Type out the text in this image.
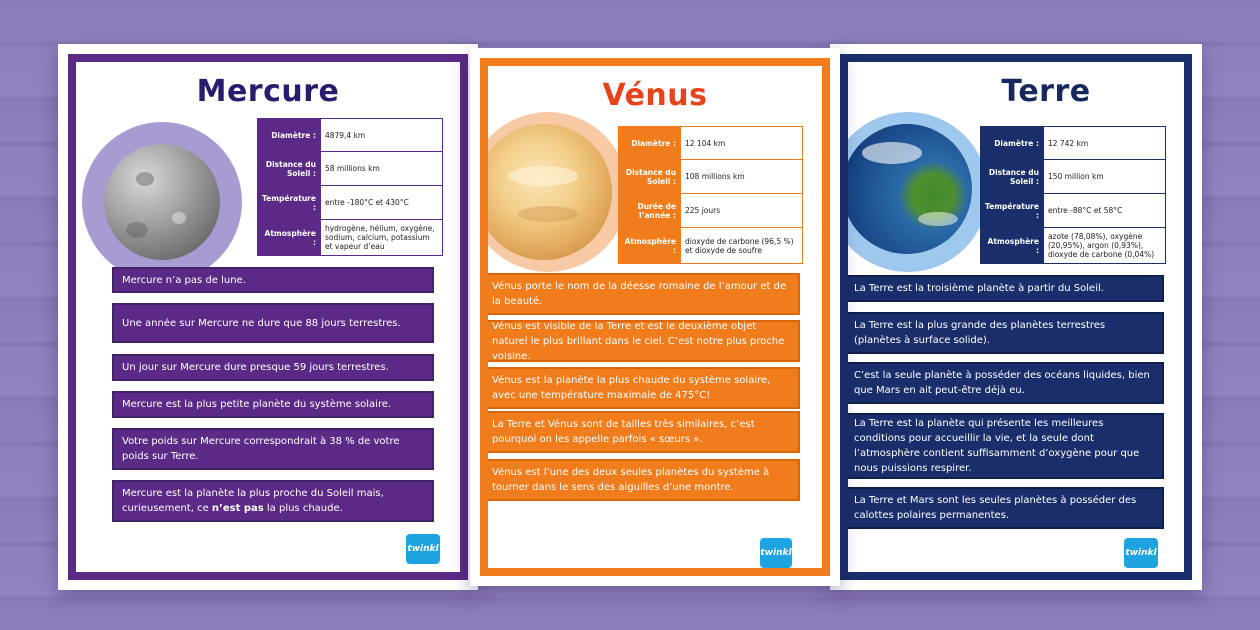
Mercure
Diamètre :	4879,4 km
Distance du Soleil :	58 millions km
Température :	entre -180°C et 430°C
Atmosphère :	hydrogène, hélium, oxygène, sodium, calcium, potassium et vapeur d’eau
Mercure n’a pas de lune.
Une année sur Mercure ne dure que 88 jours terrestres.
Un jour sur Mercure dure presque 59 jours terrestres.
Mercure est la plus petite planète du système solaire.
Votre poids sur Mercure correspondrait à 38 % de votre poids sur Terre.
Mercure est la planète la plus proche du Soleil mais, curieusement, ce n’est pas la plus chaude.
twinkl
Terre
Diamètre :	12 742 km
Distance du Soleil :	150 million km
Température :	entre -88°C et 58°C
Atmosphère :	azote (78,08%), oxygène (20,95%), argon (0,93%), dioxyde de carbone (0,04%)
La Terre est la troisième planète à partir du Soleil.
La Terre est la plus grande des planètes terrestres (planètes à surface solide).
C’est la seule planète à posséder des océans liquides, bien que Mars en ait peut-être déjà eu.
La Terre est la planète qui présente les meilleures conditions pour accueillir la vie, et la seule dont l’atmosphère contient suffisamment d’oxygène pour que nous puissions respirer.
La Terre et Mars sont les seules planètes à posséder des calottes polaires permanentes.
twinkl
Vénus
Diamètre :	12 104 km
Distance du Soleil :	108 millions km
Durée de l’année :	225 jours
Atmosphère :	dioxyde de carbone (96,5 %) et dioxyde de soufre
Vénus porte le nom de la déesse romaine de l’amour et de la beauté.
Vénus est visible de la Terre et est le deuxième objet naturel le plus brillant dans le ciel. C’est notre plus proche voisine.
Vénus est la planète la plus chaude du système solaire, avec une température maximale de 475°C!
La Terre et Vénus sont de tailles très similaires, c’est pourquoi on les appelle parfois « sœurs ».
Vénus est l’une des deux seules planètes du système à tourner dans le sens des aiguilles d’une montre.
twinkl
